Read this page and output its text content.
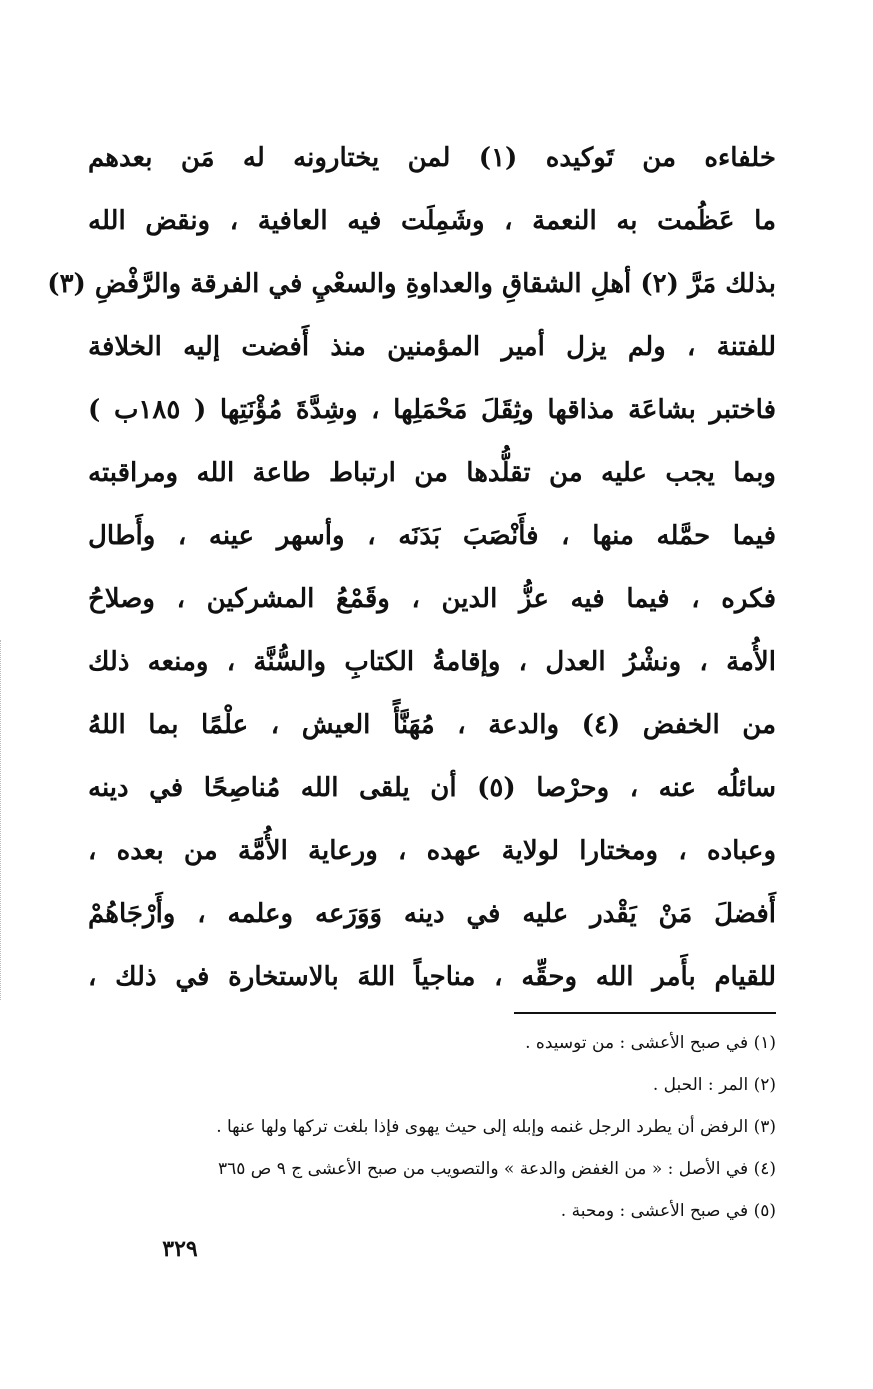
خلفاءه من تَوكيده (١) لمن يختارونه له مَن بعدهم
ما عَظُمت به النعمة ، وشَمِلَت فيه العافية ، ونقض الله
بذلك مَرَّ (٢) أهلِ الشقاقِ والعداوةِ والسعْيِ في الفرقة والرَّفْضِ (٣)
للفتنة ، ولم يزل أمير المؤمنين منذ أَفضت إليه الخلافة
فاختبر بشاعَة مذاقها وثِقَلَ مَحْمَلِها ، وشِدَّةَ مُؤْنَتِها ( ١٨٥ب )
وبما يجب عليه من تقلُّدها من ارتباط طاعة الله ومراقبته
فيما حمَّله منها ، فأَنْصَبَ بَدَنَه ، وأسهر عينه ، وأَطال
فكره ، فيما فيه عزُّ الدين ، وقَمْعُ المشركين ، وصلاحُ
الأُمة ، ونشْرُ العدل ، وإقامةُ الكتابِ والسُّنَّة ، ومنعه ذلك
من الخفض (٤) والدعة ، مُهَنَّأً العيش ، علْمًا بما اللهُ
سائلُه عنه ، وحرْصا (٥) أن يلقى الله مُناصِحًا في دينه
وعباده ، ومختارا لولاية عهده ، ورعاية الأُمَّة من بعده ،
أَفضلَ مَنْ يَقْدر عليه في دينه وَوَرَعه وعلمه ، وأَرْجَاهُمْ
للقيام بأَمر الله وحقِّه ، مناجياً اللهَ بالاستخارة في ذلك ،
(١) في صبح الأعشى : من توسيده .
(٢) المر : الحبل .
(٣) الرفض أن يطرد الرجل غنمه وإبله إلى حيث يهوى فإذا بلغت تركها ولها عنها .
(٤) في الأصل : « من الغفض والدعة » والتصويب من صبح الأعشى ج ٩ ص ٣٦٥
(٥) في صبح الأعشى : ومحبة .
٣٢٩
